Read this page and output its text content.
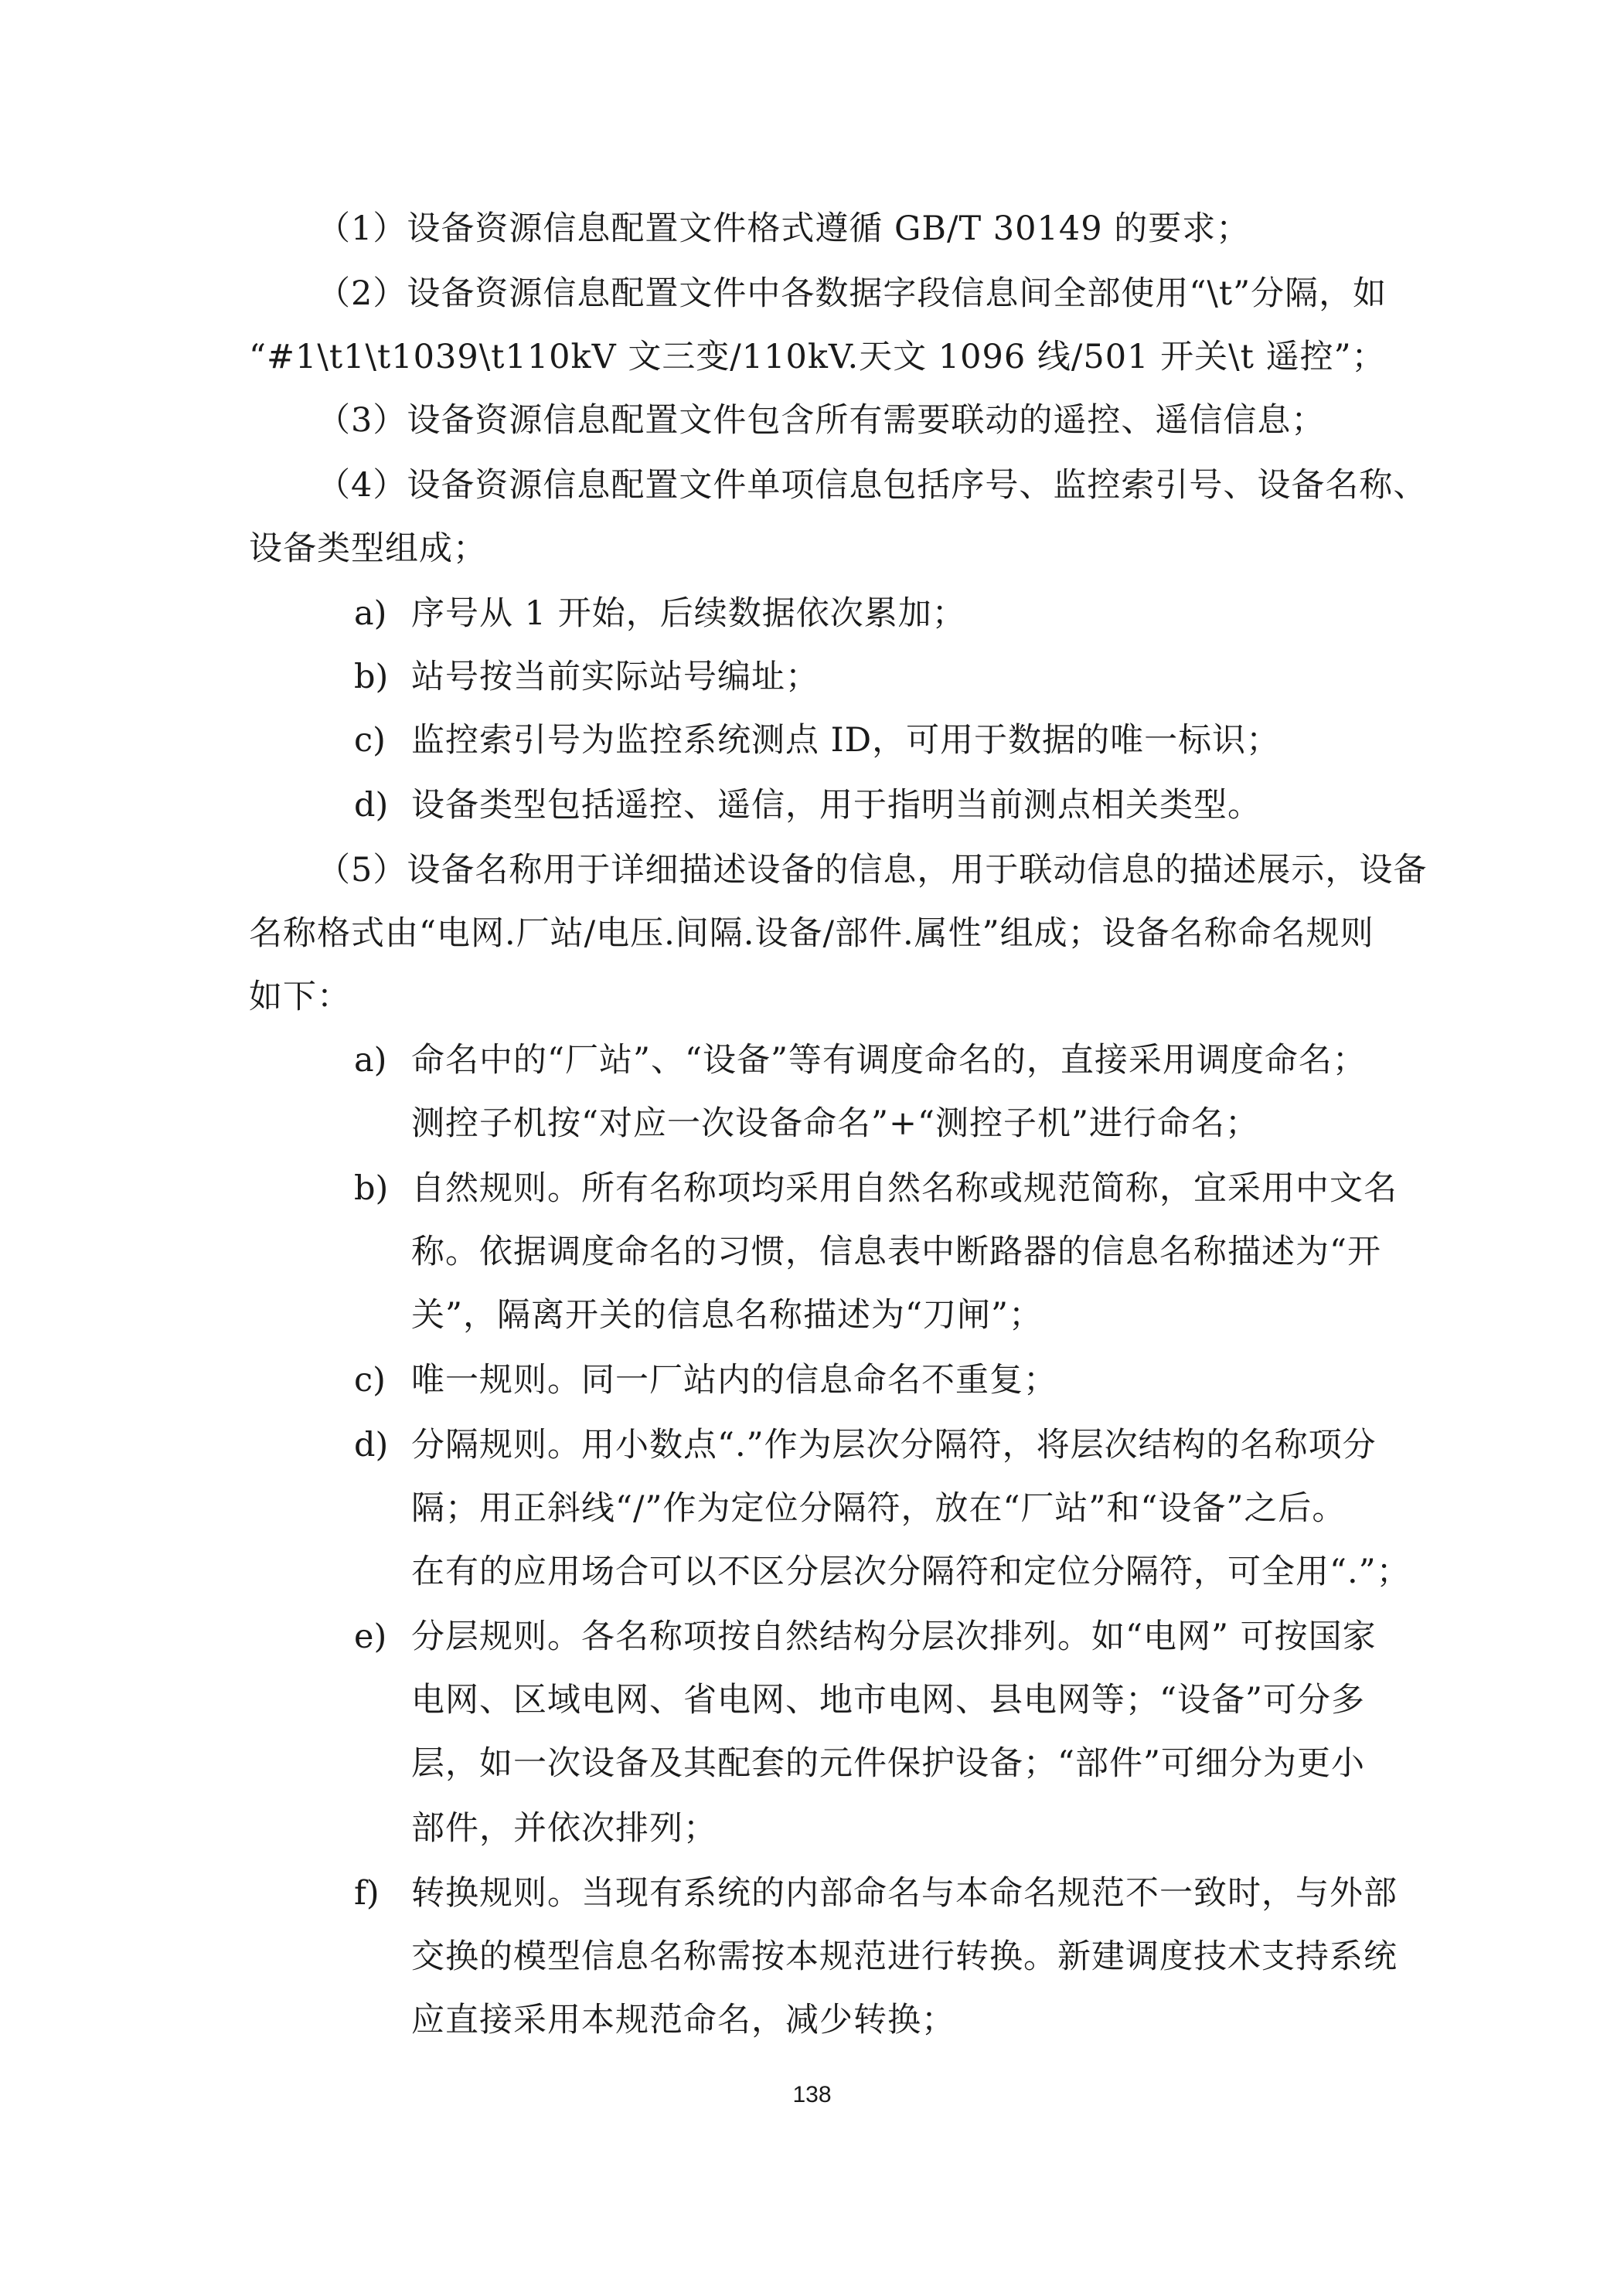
（1）设备资源信息配置文件格式遵循 GB/T 30149 的要求；
（2）设备资源信息配置文件中各数据字段信息间全部使用“\t”分隔，如
“#1\t1\t1039\t110kV 文三变/110kV.天文 1096 线/501 开关\t 遥控”；
（3）设备资源信息配置文件包含所有需要联动的遥控、遥信信息；
（4）设备资源信息配置文件单项信息包括序号、监控索引号、设备名称、
设备类型组成；
a) 序号从 1 开始，后续数据依次累加；
b) 站号按当前实际站号编址；
c) 监控索引号为监控系统测点 ID，可用于数据的唯一标识；
d) 设备类型包括遥控、遥信，用于指明当前测点相关类型。
（5）设备名称用于详细描述设备的信息，用于联动信息的描述展示，设备
名称格式由“电网.厂站/电压.间隔.设备/部件.属性”组成；设备名称命名规则
如下：
a) 命名中的“厂站”、“设备”等有调度命名的，直接采用调度命名；
测控子机按“对应一次设备命名”+“测控子机”进行命名；
b) 自然规则。所有名称项均采用自然名称或规范简称，宜采用中文名
称。依据调度命名的习惯，信息表中断路器的信息名称描述为“开
关”，隔离开关的信息名称描述为“刀闸”；
c) 唯一规则。同一厂站内的信息命名不重复；
d) 分隔规则。用小数点“.”作为层次分隔符，将层次结构的名称项分
隔；用正斜线“/”作为定位分隔符，放在“厂站”和“设备”之后。
在有的应用场合可以不区分层次分隔符和定位分隔符，可全用“.”；
e) 分层规则。各名称项按自然结构分层次排列。如“电网” 可按国家
电网、区域电网、省电网、地市电网、县电网等；“设备”可分多
层，如一次设备及其配套的元件保护设备；“部件”可细分为更小
部件，并依次排列；
f) 转换规则。当现有系统的内部命名与本命名规范不一致时，与外部
交换的模型信息名称需按本规范进行转换。新建调度技术支持系统
应直接采用本规范命名，减少转换；
138
